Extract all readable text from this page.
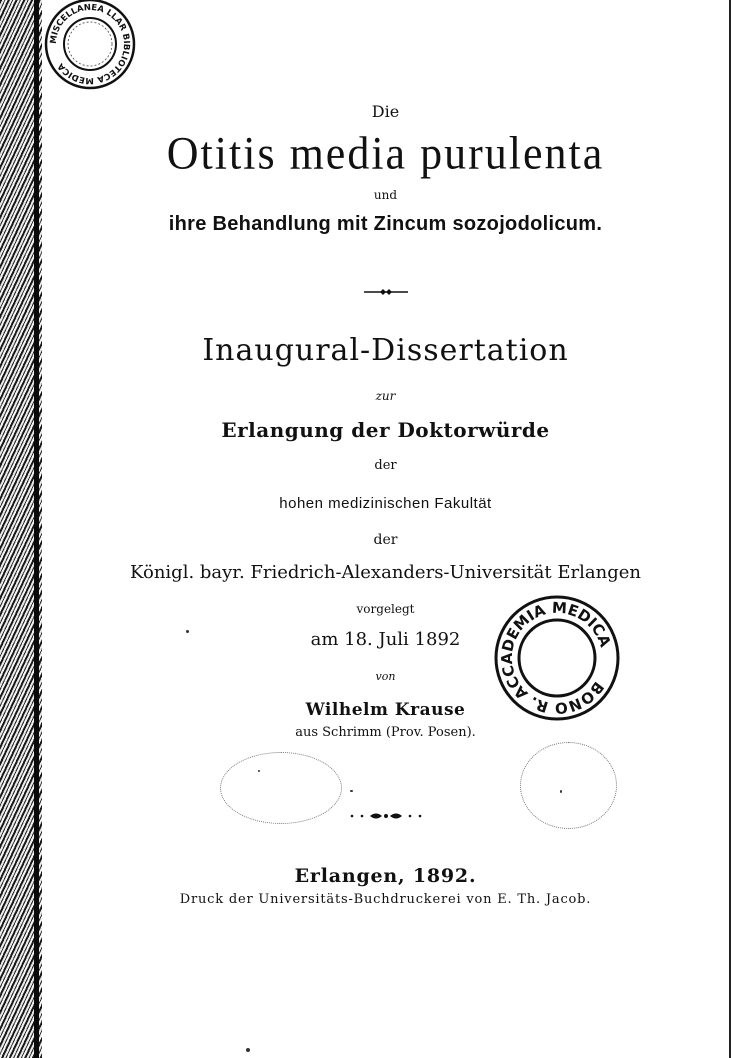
MISCELLANEA LLAR BIBLIOTECA MEDICA
Die
Otitis media purulenta
und
ihre Behandlung mit Zincum sozojodolicum.
Inaugural-Dissertation
zur
Erlangung der Doktorwürde
der
hohen medizinischen Fakultät
der
Königl. bayr. Friedrich-Alexanders-Universität Erlangen
vorgelegt
am 18. Juli 1892
von
Wilhelm Krause
aus Schrimm (Prov. Posen).
BONO R. ACCADEMIA MEDICA
Erlangen, 1892.
Druck der Universitäts-Buchdruckerei von E. Th. Jacob.
